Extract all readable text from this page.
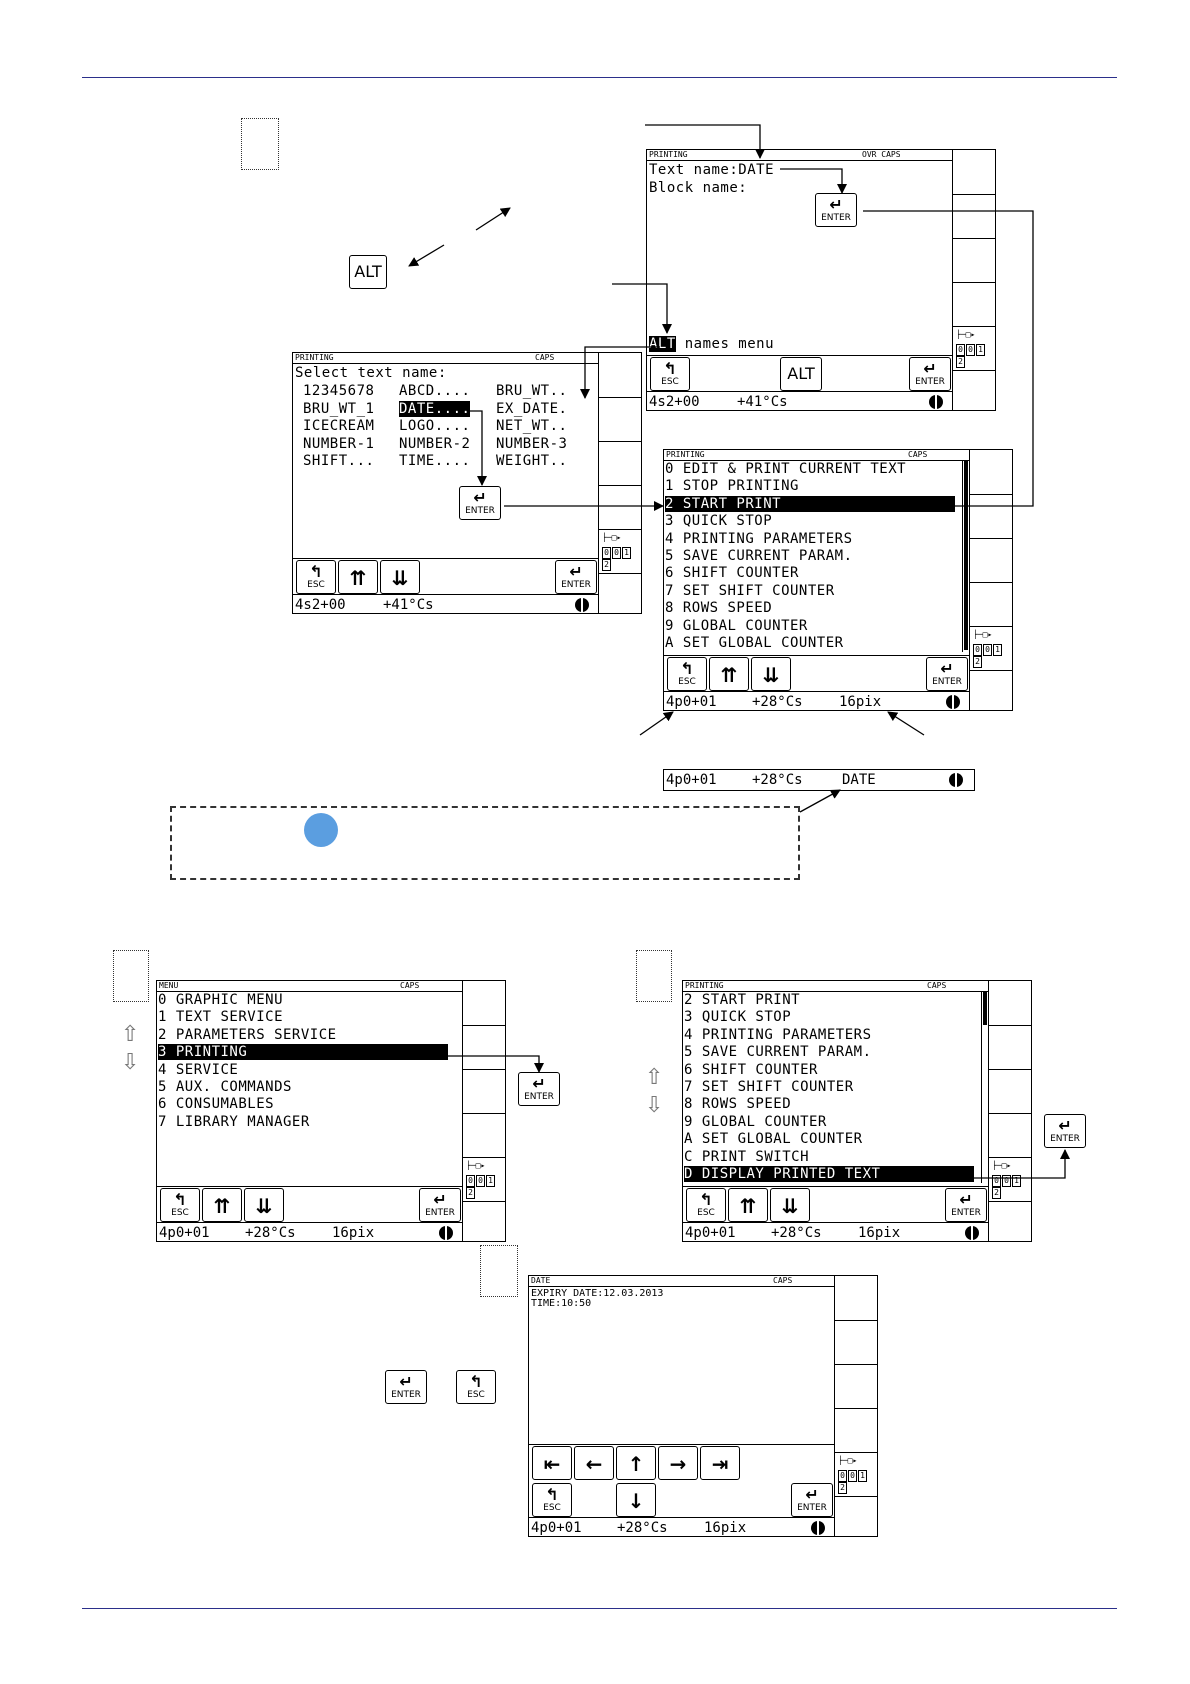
ALT
PRINTING	OVR CAPS
Text name:DATE
Block name:
ALT names menu
↵
ENTER
↰
ESC	ALT	↵
ENTER
4s2+00	+41°Cs
├─□▸
0 0 12
PRINTING	CAPS
Select text name:
12345678 ABCD.... BRU_WT..
BRU_WT_1 DATE.... EX_DATE.
ICECREAM LOGO.... NET_WT..
NUMBER-1 NUMBER-2 NUMBER-3
SHIFT... TIME.... WEIGHT..
↵
ENTER
↰
ESC	⇈	⇊	↵
ENTER
4s2+00	+41°Cs
├─□▸
0 0 12
PRINTING	CAPS
0 EDIT & PRINT CURRENT TEXT
1 STOP PRINTING
2 START PRINT
3 QUICK STOP
4 PRINTING PARAMETERS
5 SAVE CURRENT PARAM.
6 SHIFT COUNTER
7 SET SHIFT COUNTER
8 ROWS SPEED
9 GLOBAL COUNTER
A SET GLOBAL COUNTER
↰
ESC	⇈	⇊	↵
ENTER
4p0+01	+28°Cs	16pix
├─□▸
0 0 12
4p0+01	+28°Cs	DATE
⇧
⇩
MENU	CAPS
0 GRAPHIC MENU
1 TEXT SERVICE
2 PARAMETERS SERVICE
3 PRINTING
4 SERVICE
5 AUX. COMMANDS
6 CONSUMABLES
7 LIBRARY MANAGER
↰
ESC	⇈	⇊	↵
ENTER
4p0+01	+28°Cs	16pix
├─□▸
0 0 12
↵
ENTER
⇧
⇩
PRINTING	CAPS
2 START PRINT
3 QUICK STOP
4 PRINTING PARAMETERS
5 SAVE CURRENT PARAM.
6 SHIFT COUNTER
7 SET SHIFT COUNTER
8 ROWS SPEED
9 GLOBAL COUNTER
A SET GLOBAL COUNTER
C PRINT SWITCH
D DISPLAY PRINTED TEXT
↰
ESC	⇈	⇊	↵
ENTER
4p0+01	+28°Cs	16pix
├─□▸
0 0 12
↵
ENTER
DATE	CAPS
EXPIRY DATE:12.03.2013
TIME:10:50
⇤	←	↑	→	⇥
↰
ESC	↓	↵
ENTER
4p0+01	+28°Cs	16pix
├─□▸
0 0 12
↵
ENTER
↰
ESC
